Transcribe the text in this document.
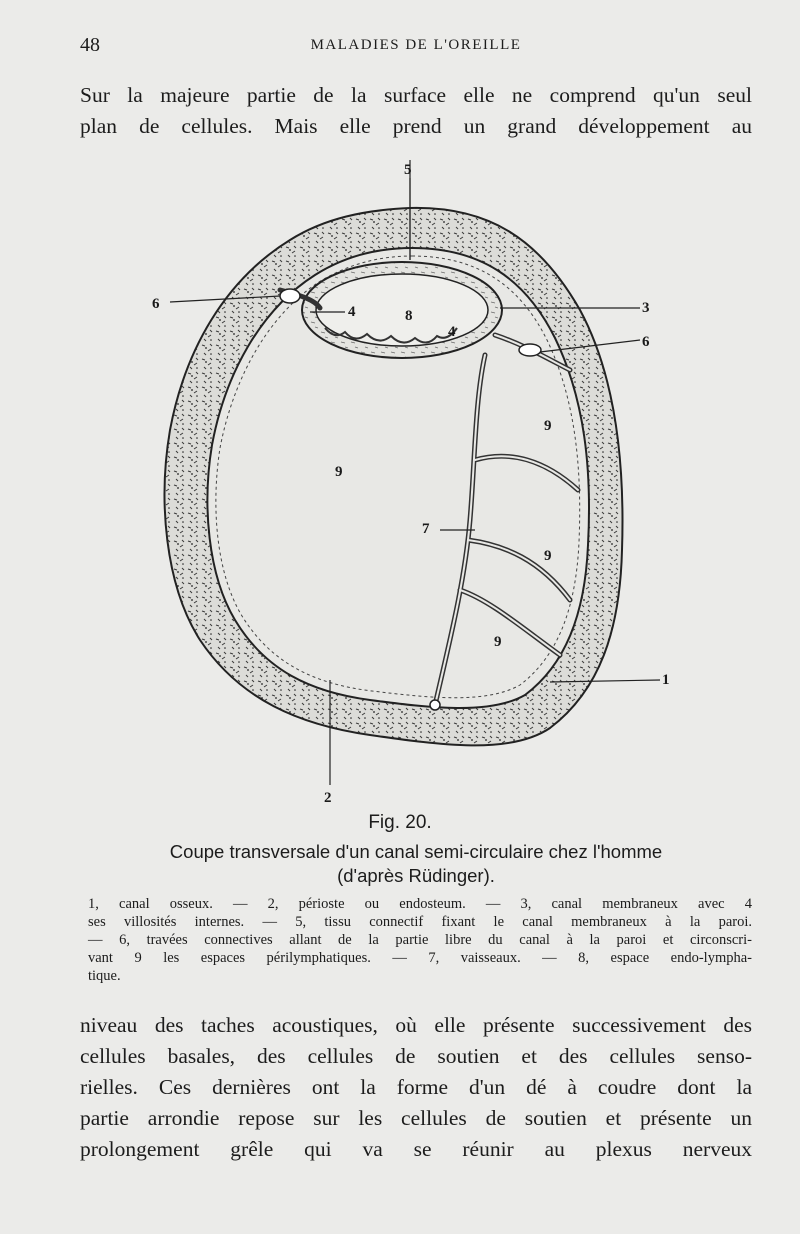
48	MALADIES DE L'OREILLE

Sur la majeure partie de la surface elle ne comprend qu'un seul
plan de cellules. Mais elle prend un grand développement au

5
6	4	8
4
3
6
9
9
7
9
9
1
2
Fig. 20.
Coupe transversale d'un canal semi-circulaire chez l'homme
(d'après Rüdinger).
1, canal osseux. — 2, périoste ou endosteum. — 3, canal membraneux avec 4
ses villosités internes. — 5, tissu connectif fixant le canal membraneux à la paroi.
— 6, travées connectives allant de la partie libre du canal à la paroi et circonscri-
vant 9 les espaces périlymphatiques. — 7, vaisseaux. — 8, espace endo-lympha-
tique.

niveau des taches acoustiques, où elle présente successivement des
cellules basales, des cellules de soutien et des cellules senso-
rielles. Ces dernières ont la forme d'un dé à coudre dont la
partie arrondie repose sur les cellules de soutien et présente un
prolongement grêle qui va se réunir au plexus nerveux
